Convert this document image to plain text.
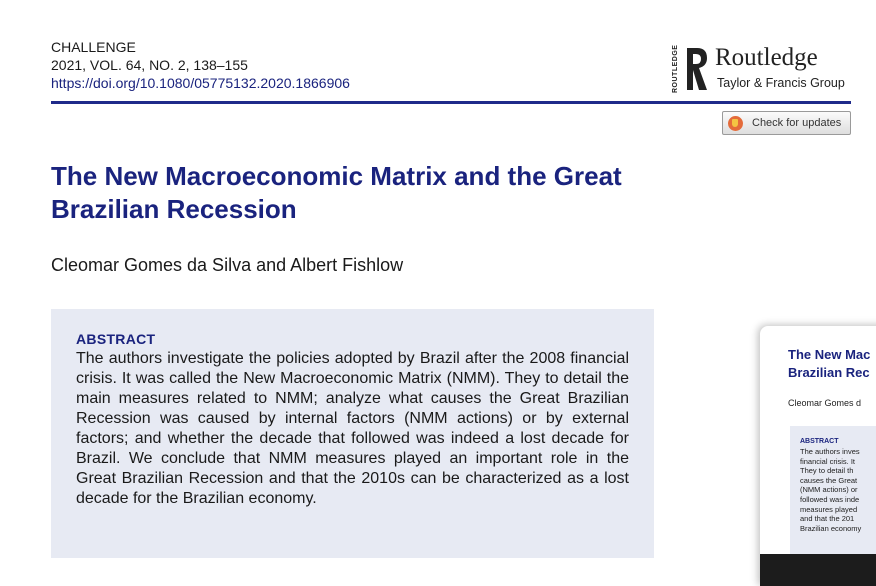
CHALLENGE
2021, VOL. 64, NO. 2, 138–155
https://doi.org/10.1080/05775132.2020.1866906	ROUTLEDGE Routledge
Taylor & Francis Group
Check for updates
The New Macroeconomic Matrix and the Great Brazilian Recession
Cleomar Gomes da Silva and Albert Fishlow
ABSTRACT

The authors investigate the policies adopted by Brazil after the 2008 financial crisis. It was called the New Macroeconomic Matrix (NMM). They to detail the main measures related to NMM; analyze what causes the Great Brazilian Recession was caused by internal factors (NMM actions) or by external factors; and whether the decade that followed was indeed a lost decade for Brazil. We conclude that NMM measures played an important role in the Great Brazilian Recession and that the 2010s can be characterized as a lost decade for the Brazilian economy.

The New Mac
Brazilian Rec
Cleomar Gomes d
ABSTRACT
The authors inves
financial crisis. It
They to detail th
causes the Great
(NMM actions) or
followed was inde
measures played
and that the 201
Brazilian economy
